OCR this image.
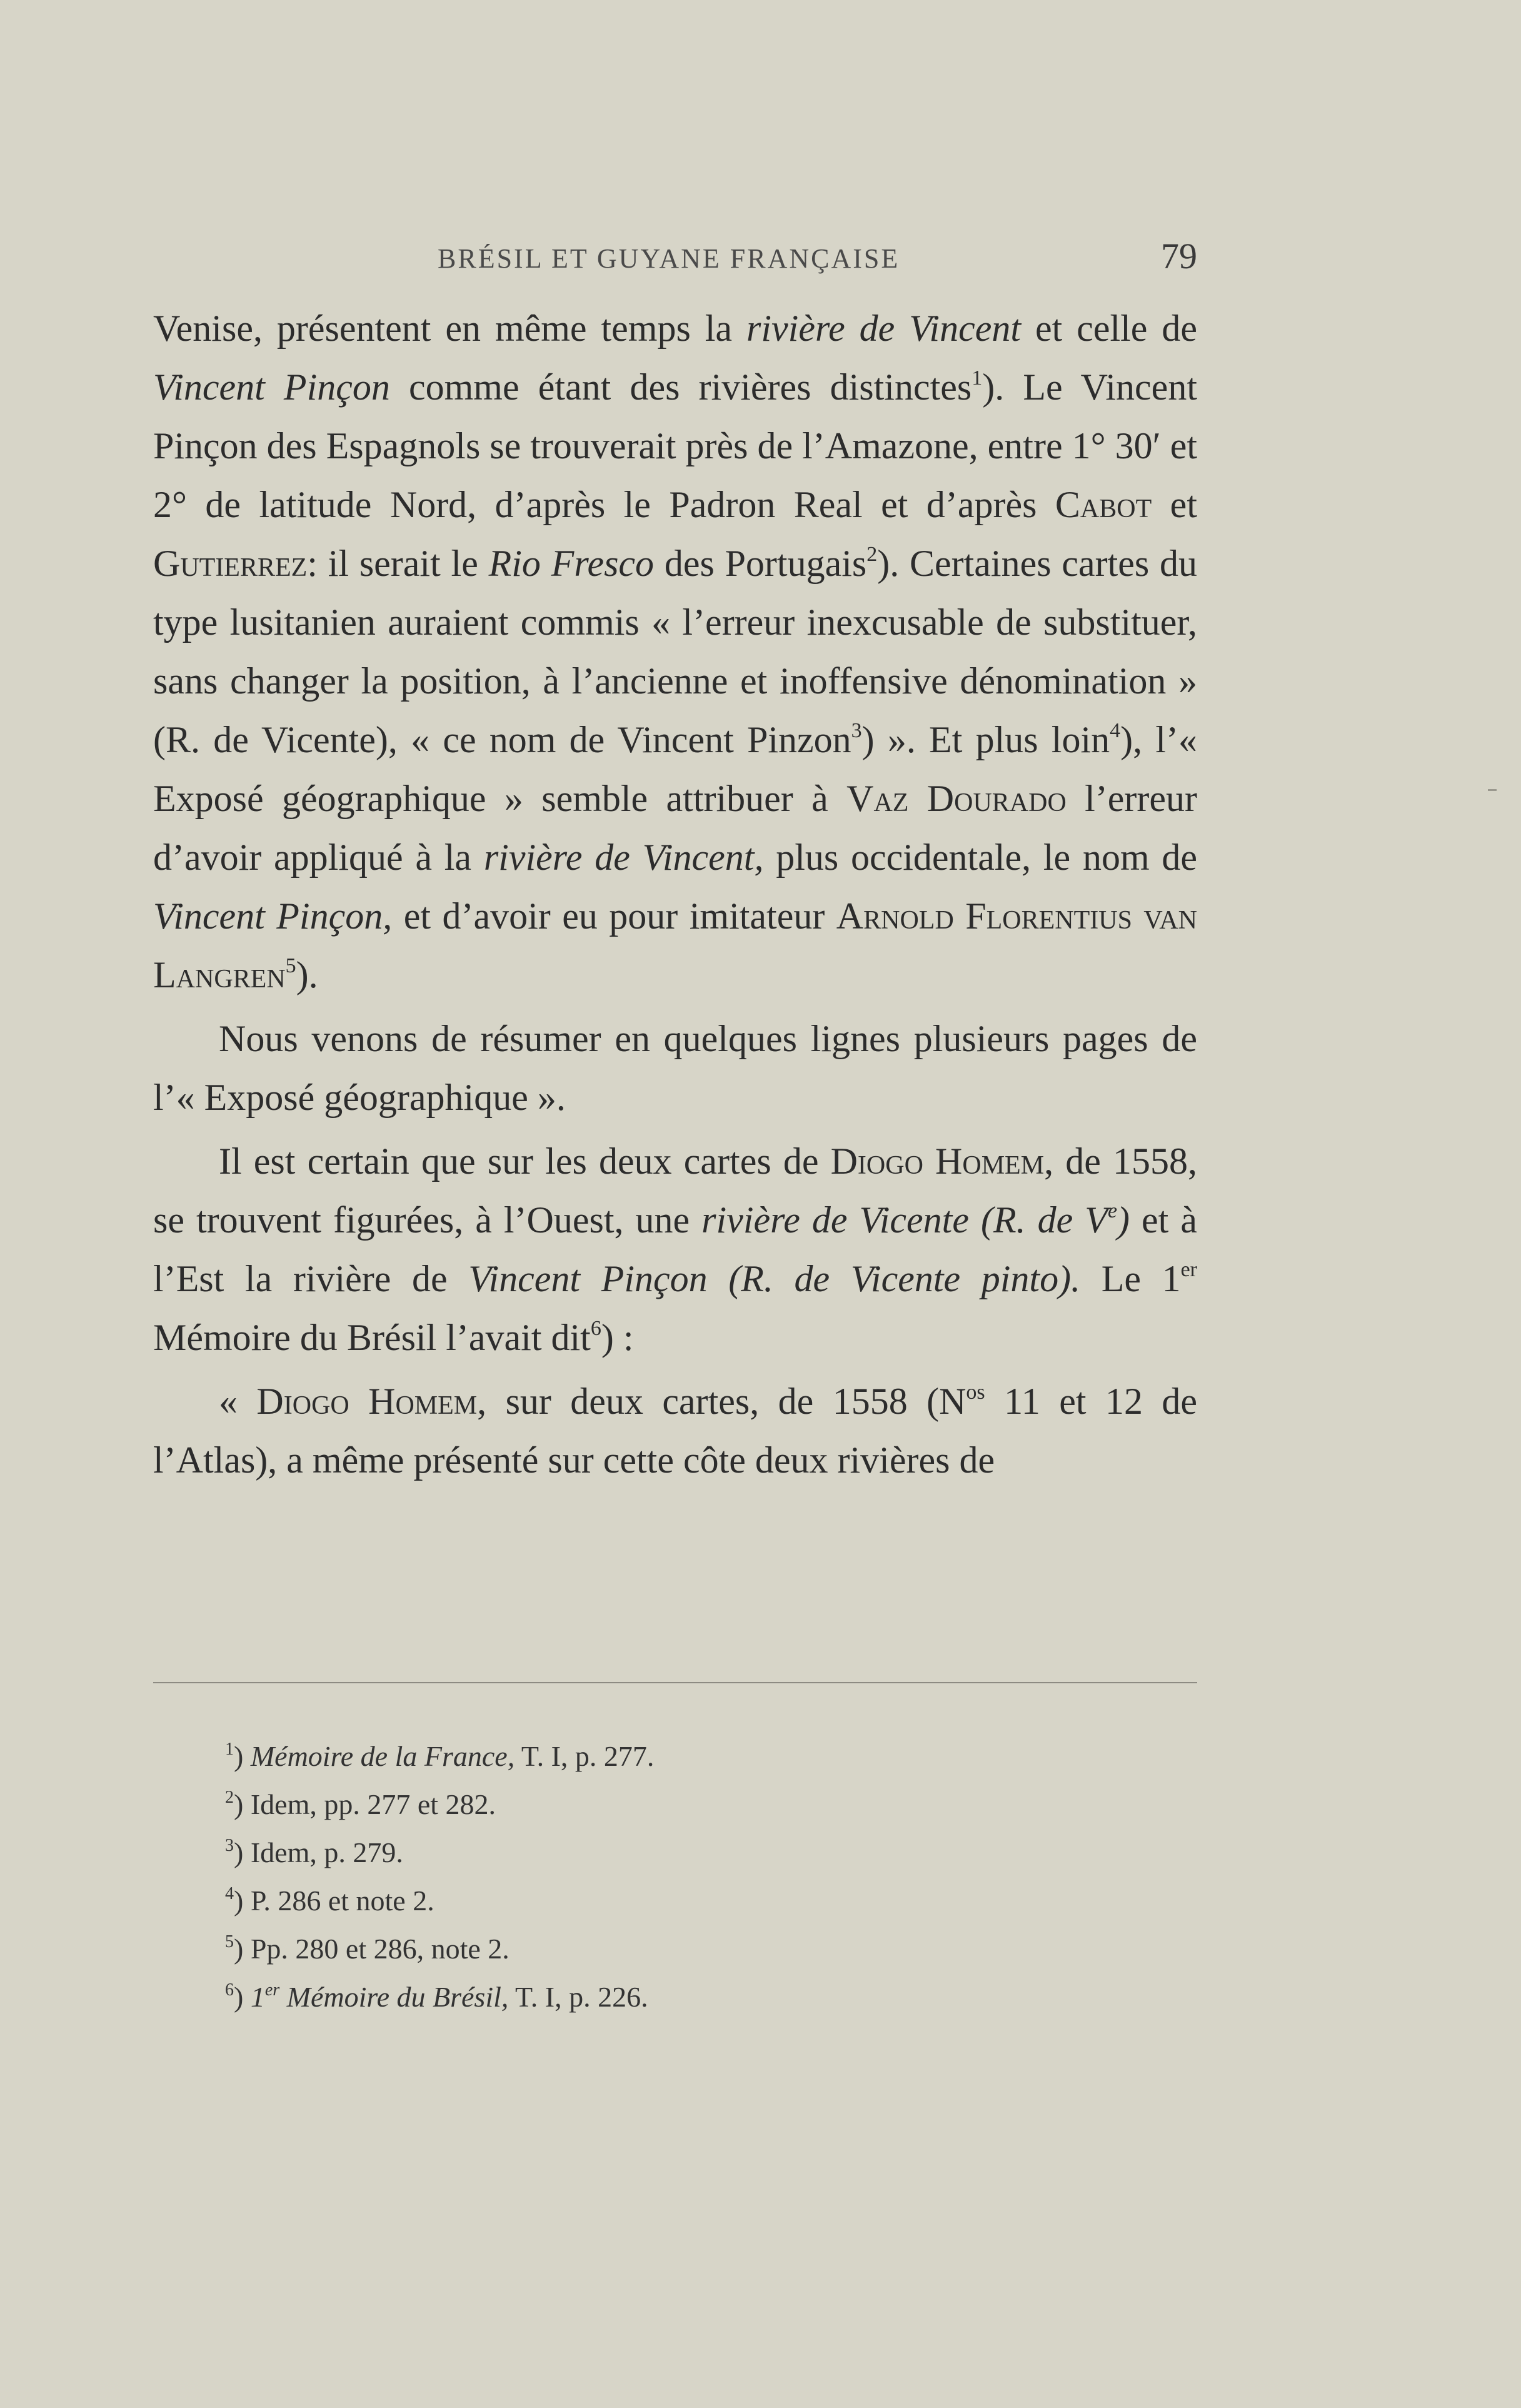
BRÉSIL ET GUYANE FRANÇAISE	79

Venise, présentent en même temps la rivière de Vincent et celle de Vincent Pinçon comme étant des rivières distinctes$^1$). Le Vincent Pinçon des Espagnols se trouverait près de l’Amazone, entre 1° 30′ et 2° de latitude Nord, d’après le Padron Real et d’après Cabot et Gutierrez: il serait le Rio Fresco des Portugais$^2$). Certaines cartes du type lusitanien auraient commis « l’erreur inexcusable de substituer, sans changer la position, à l’ancienne et inoffensive dénomination » (R. de Vicente), « ce nom de Vincent Pinzon$^3$) ». Et plus loin$^4$), l’« Exposé géographique » semble attribuer à Vaz Dourado l’erreur d’avoir appliqué à la rivière de Vincent, plus occidentale, le nom de Vincent Pinçon, et d’avoir eu pour imitateur Arnold Florentius van Langren$^5$).

Nous venons de résumer en quelques lignes plusieurs pages de l’« Exposé géographique ».

Il est certain que sur les deux cartes de Diogo Homem, de 1558, se trouvent figurées, à l’Ouest, une rivière de Vicente (R. de Ve) et à l’Est la rivière de Vincent Pinçon (R. de Vicente pinto). Le 1er Mémoire du Brésil l’avait dit$^6$) :

« Diogo Homem, sur deux cartes, de 1558 ($N^{os}$ 11 et 12 de l’Atlas), a même présenté sur cette côte deux rivières de

$^1$) Mémoire de la France, T. I, p. 277.
$^2$) Idem, pp. 277 et 282.
$^3$) Idem, p. 279.
$^4$) P. 286 et note 2.
$^5$) Pp. 280 et 286, note 2.
$^6$) 1er Mémoire du Brésil, T. I, p. 226.
